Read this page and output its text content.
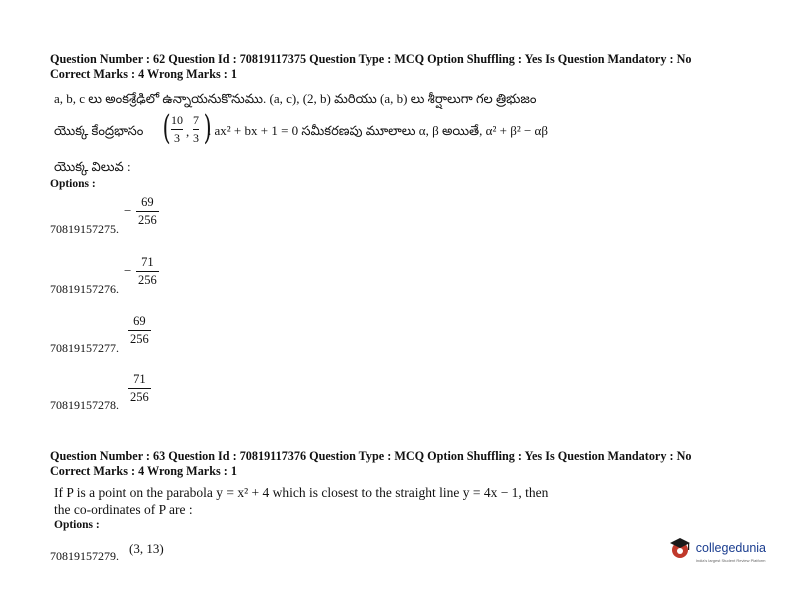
Question Number : 62 Question Id : 70819117375 Question Type : MCQ Option Shuffling : Yes Is Question Mandatory : No
Correct Marks : 4 Wrong Marks : 1
a, b, c లు అంకశ్రేఢిలో ఉన్నాయనుకొనుము. (a, c), (2, b) మరియు (a, b) లు శీర్షాలుగా గల త్రిభుజం
యొక్క కేంద్రభాసం ( 10
3 ,
7
3 )
. ax² + bx + 1 = 0 సమీకరణపు మూలాలు α, β అయితే, α² + β² − αβ
యొక్క విలువ :
Options :
−
69
256
70819157275.
−
71
256
70819157276.
69
256
70819157277.
71
256
70819157278.
Question Number : 63 Question Id : 70819117376 Question Type : MCQ Option Shuffling : Yes Is Question Mandatory : No
Correct Marks : 4 Wrong Marks : 1
If P is a point on the parabola y = x² + 4 which is closest to the straight line y = 4x − 1, then
the co-ordinates of P are :
Options :
(3, 13)
70819157279.
collegedunia
India's largest Student Review Platform
